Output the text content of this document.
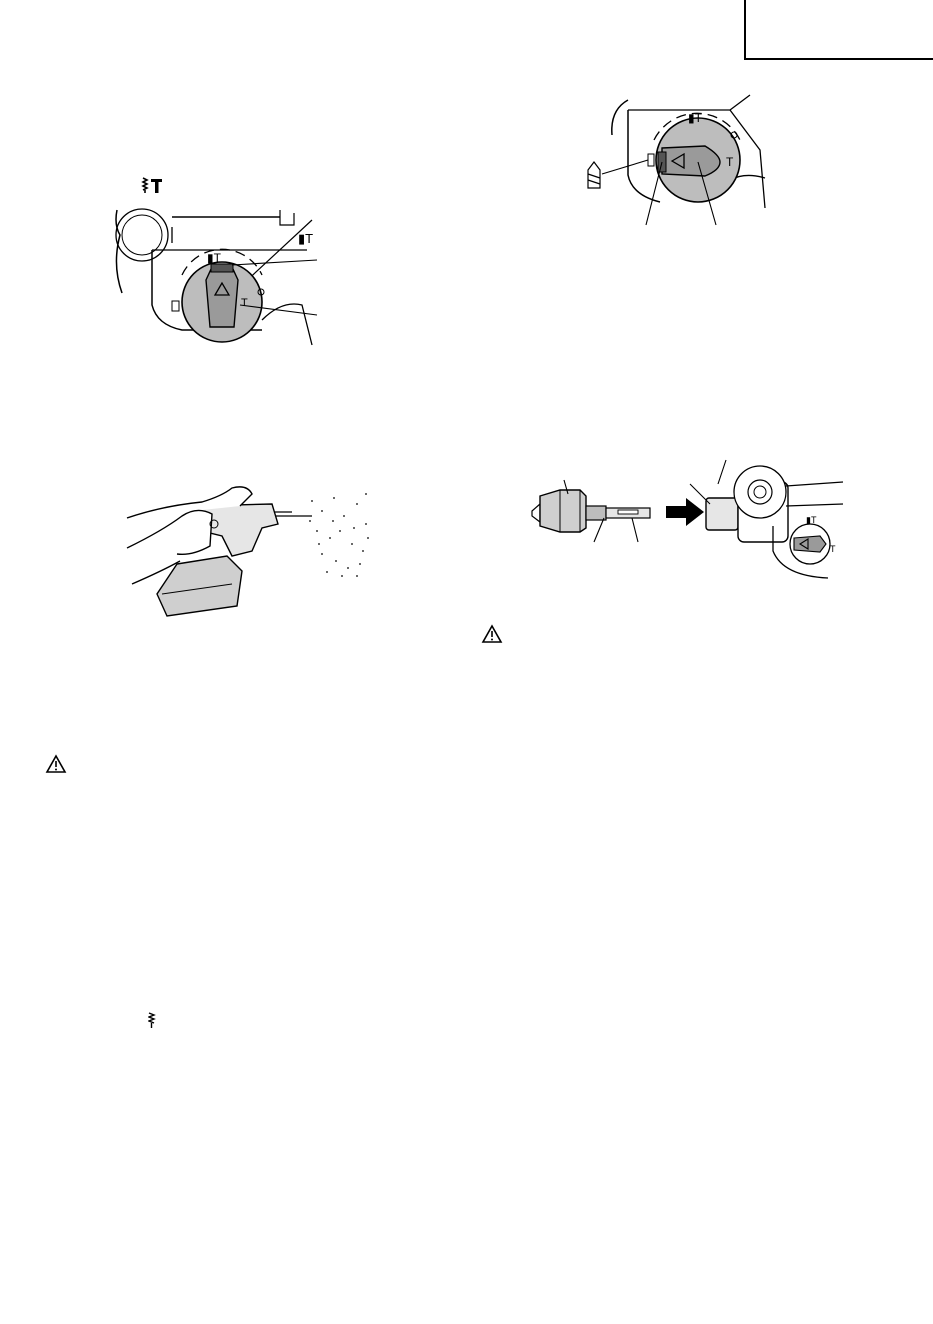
▮T
T
▮T
▮T
T
▮T
T
